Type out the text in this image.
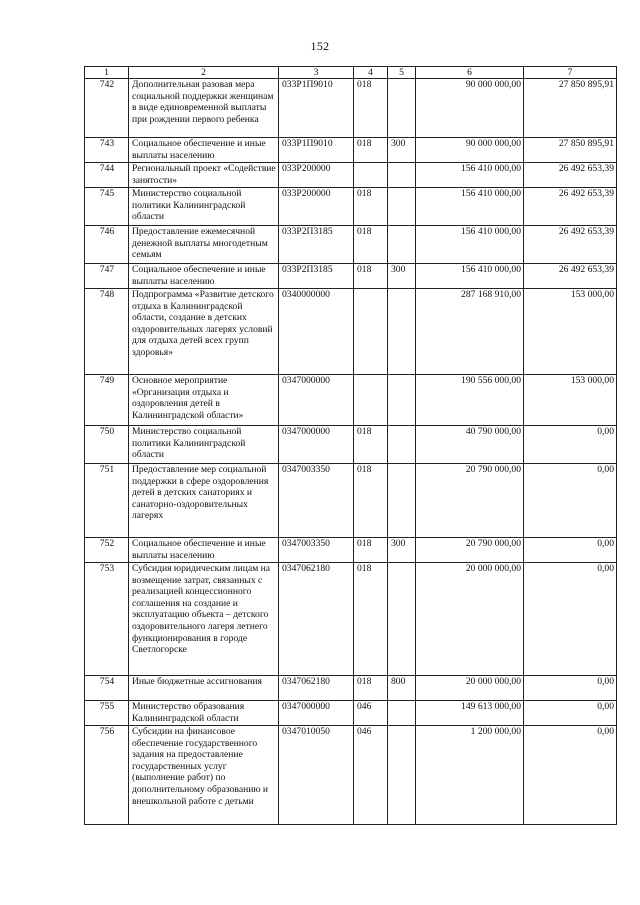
152
1	2	3	4	5	6	7
742	Дополнительная разовая мера социальной поддержки женщинам в виде единовременной выплаты при рождении первого ребенка	033Р1П9010	018		90 000 000,00	27 850 895,91
743	Социальное обеспечение и иные выплаты населению	033Р1П9010	018	300	90 000 000,00	27 850 895,91
744	Региональный проект «Содействие занятости»	033Р200000			156 410 000,00	26 492 653,39
745	Министерство социальной политики Калининградской области	033Р200000	018		156 410 000,00	26 492 653,39
746	Предоставление ежемесячной денежной выплаты многодетным семьям	033Р2П3185	018		156 410 000,00	26 492 653,39
747	Социальное обеспечение и иные выплаты населению	033Р2П3185	018	300	156 410 000,00	26 492 653,39
748	Подпрограмма «Развитие детского отдыха в Калининградской области, создание в детских оздоровительных лагерях условий для отдыха детей всех групп здоровья»	0340000000			287 168 910,00	153 000,00
749	Основное мероприятие «Организация отдыха и оздоровления детей в Калининградской области»	0347000000			190 556 000,00	153 000,00
750	Министерство социальной политики Калининградской области	0347000000	018		40 790 000,00	0,00
751	Предоставление мер социальной поддержки в сфере оздоровления детей в детских санаториях и санаторно-оздоровительных лагерях	0347003350	018		20 790 000,00	0,00
752	Социальное обеспечение и иные выплаты населению	0347003350	018	300	20 790 000,00	0,00
753	Субсидия юридическим лицам на возмещение затрат, связанных с реализацией концессионного соглашения на создание и эксплуатацию объекта – детского оздоровительного лагеря летнего функционирования в городе Светлогорске	0347062180	018		20 000 000,00	0,00
754	Иные бюджетные ассигнования	0347062180	018	800	20 000 000,00	0,00
755	Министерство образования Калининградской области	0347000000	046		149 613 000,00	0,00
756	Субсидии на финансовое обеспечение государственного задания на предоставление государственных услуг (выполнение работ) по дополнительному образованию и внешкольной работе с детьми	0347010050	046		1 200 000,00	0,00
